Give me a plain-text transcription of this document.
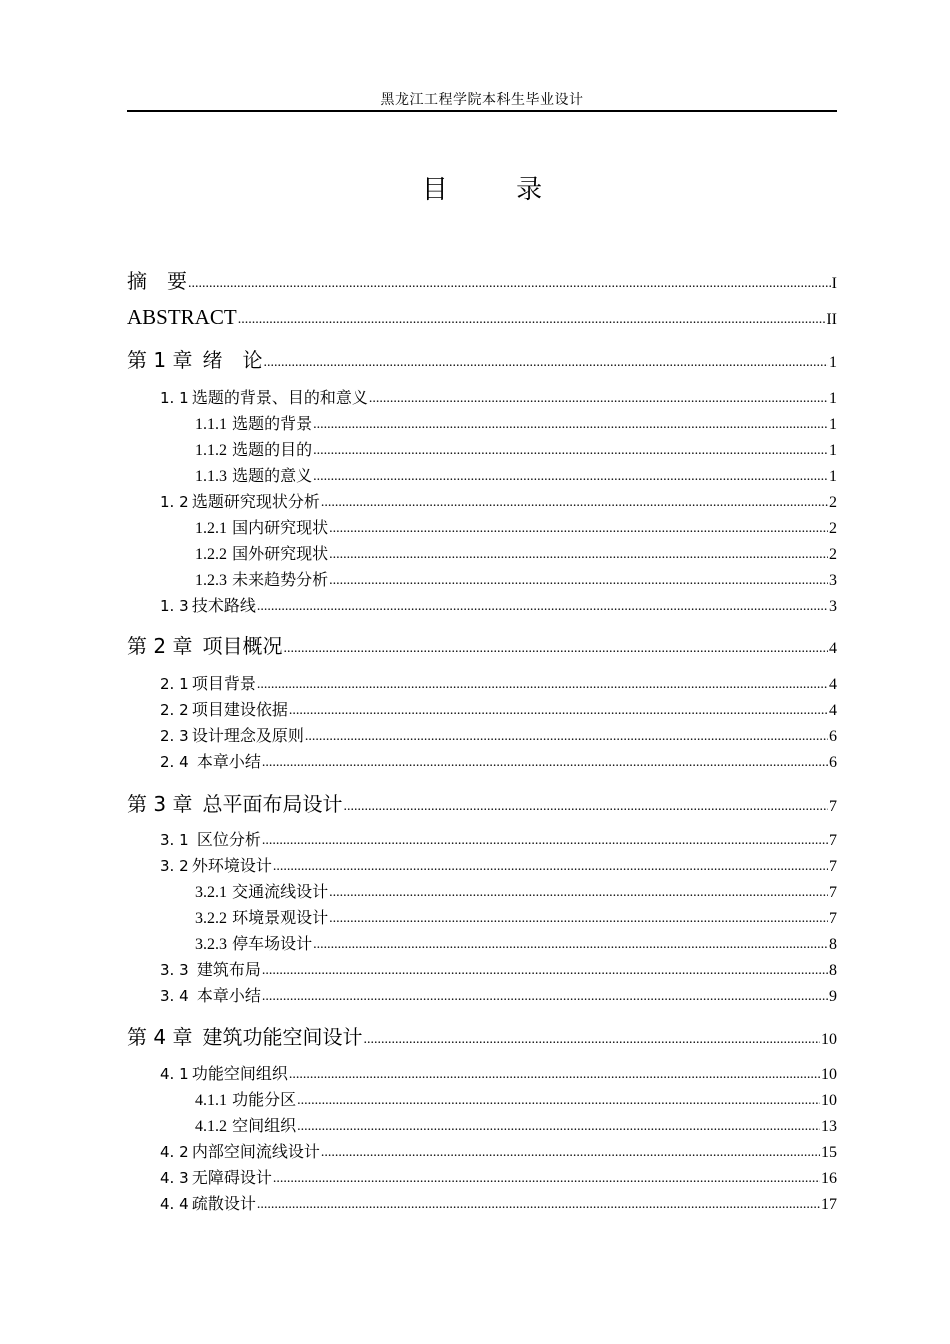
黑龙江工程学院本科生毕业设计
目 录
摘　要 .....	I
ABSTRACT .....	II
第 1 章  绪　论 .....	1
1. 1  选题的背景、目的和意义 .....	1
1.1.1 选题的背景 .....	1
1.1.2 选题的目的 .....	1
1.1.3 选题的意义 .....	1
1. 2  选题研究现状分析 .....	2
1.2.1 国内研究现状 .....	2
1.2.2 国外研究现状 .....	2
1.2.3 未来趋势分析 .....	3
1. 3  技术路线 .....	3
第 2 章  项目概况 .....	4
2. 1  项目背景 .....	4
2. 2  项目建设依据 .....	4
2. 3  设计理念及原则 .....	6
2. 4  本章小结 .....	6
第 3 章  总平面布局设计 .....	7
3. 1  区位分析 .....	7
3. 2  外环境设计 .....	7
3.2.1 交通流线设计 .....	7
3.2.2 环境景观设计 .....	7
3.2.3 停车场设计 .....	8
3. 3  建筑布局 .....	8
3. 4  本章小结 .....	9
第 4 章  建筑功能空间设计 .....	10
4. 1  功能空间组织 .....	10
4.1.1 功能分区 .....	10
4.1.2 空间组织 .....	13
4. 2  内部空间流线设计 .....	15
4. 3  无障碍设计 .....	16
4. 4  疏散设计 .....	17
